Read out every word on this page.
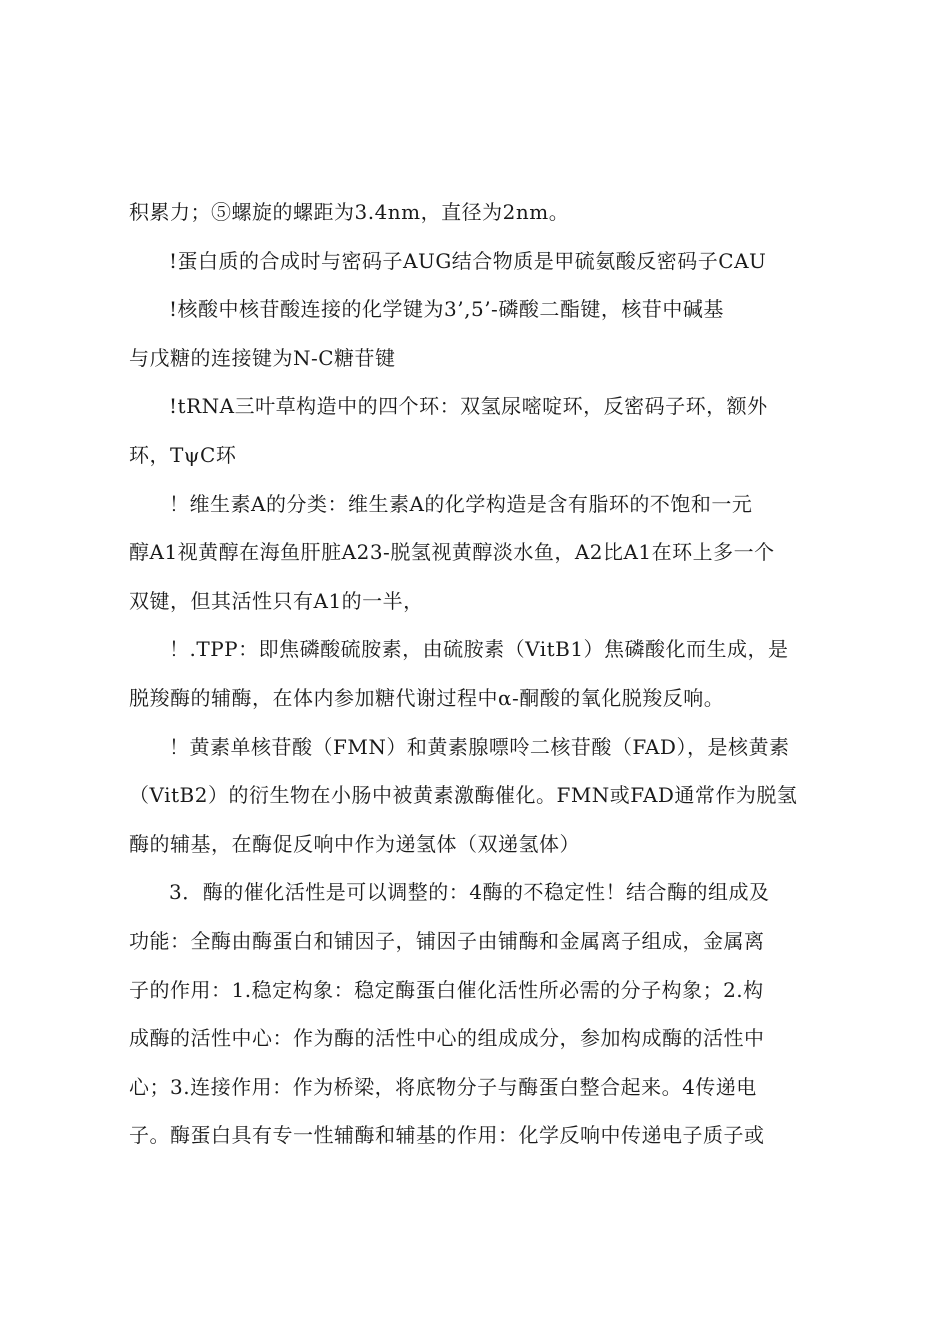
积累力；⑤螺旋的螺距为3.4nm，直径为2nm。
!蛋白质的合成时与密码子AUG结合物质是甲硫氨酸反密码子CAU
!核酸中核苷酸连接的化学键为3’,5’-磷酸二酯键，核苷中碱基
与戊糖的连接键为N-C糖苷键
!tRNA三叶草构造中的四个环：双氢尿嘧啶环，反密码子环，额外
环，TψC环
！维生素A的分类：维生素A的化学构造是含有脂环的不饱和一元
醇A1视黄醇在海鱼肝脏A23-脱氢视黄醇淡水鱼，A2比A1在环上多一个
双键，但其活性只有A1的一半，
！.TPP：即焦磷酸硫胺素，由硫胺素（VitB1）焦磷酸化而生成，是
脱羧酶的辅酶，在体内参加糖代谢过程中α-酮酸的氧化脱羧反响。
！黄素单核苷酸（FMN）和黄素腺嘌呤二核苷酸（FAD），是核黄素
（VitB2）的衍生物在小肠中被黄素激酶催化。FMN或FAD通常作为脱氢
酶的辅基，在酶促反响中作为递氢体（双递氢体）
3．酶的催化活性是可以调整的：4酶的不稳定性！结合酶的组成及
功能：全酶由酶蛋白和铺因子，铺因子由铺酶和金属离子组成，金属离
子的作用：1.稳定构象：稳定酶蛋白催化活性所必需的分子构象；2.构
成酶的活性中心：作为酶的活性中心的组成成分，参加构成酶的活性中
心；3.连接作用：作为桥梁，将底物分子与酶蛋白整合起来。4传递电
子。酶蛋白具有专一性辅酶和辅基的作用：化学反响中传递电子质子或
